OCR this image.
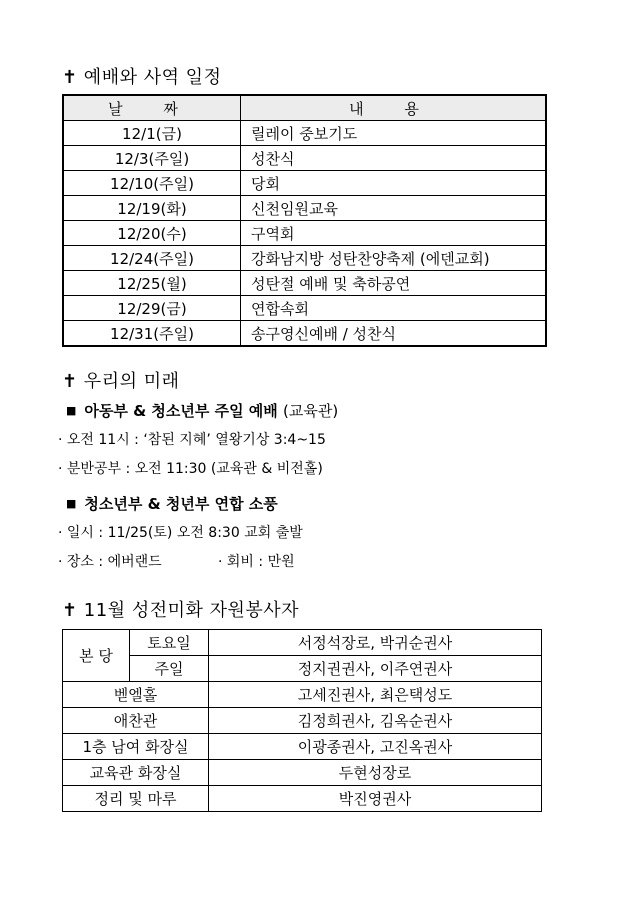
✝ 예배와 사역 일정
날 짜	내 용
12/1(금)	릴레이 중보기도
12/3(주일)	성찬식
12/10(주일)	당회
12/19(화)	신천임원교육
12/20(수)	구역회
12/24(주일)	강화남지방 성탄찬양축제 (에덴교회)
12/25(월)	성탄절 예배 및 축하공연
12/29(금)	연합속회
12/31(주일)	송구영신예배 / 성찬식
✝ 우리의 미래
■ 아동부 & 청소년부 주일 예배 (교육관)
· 오전 11시 : ‘참된 지혜’ 열왕기상 3:4~15
· 분반공부 : 오전 11:30 (교육관 & 비전홀)
■ 청소년부 & 청년부 연합 소풍
· 일시 : 11/25(토) 오전 8:30 교회 출발
· 장소 : 에버랜드	· 회비 : 만원
✝ 11월 성전미화 자원봉사자
본 당	토요일	서정석장로, 박귀순권사
	주일	정지권권사, 이주연권사
벧엘홀		고세진권사, 최은택성도
애찬관		김정희권사, 김옥순권사
1층 남여 화장실		이광종권사, 고진옥권사
교육관 화장실		두현성장로
정리 및 마루		박진영권사
